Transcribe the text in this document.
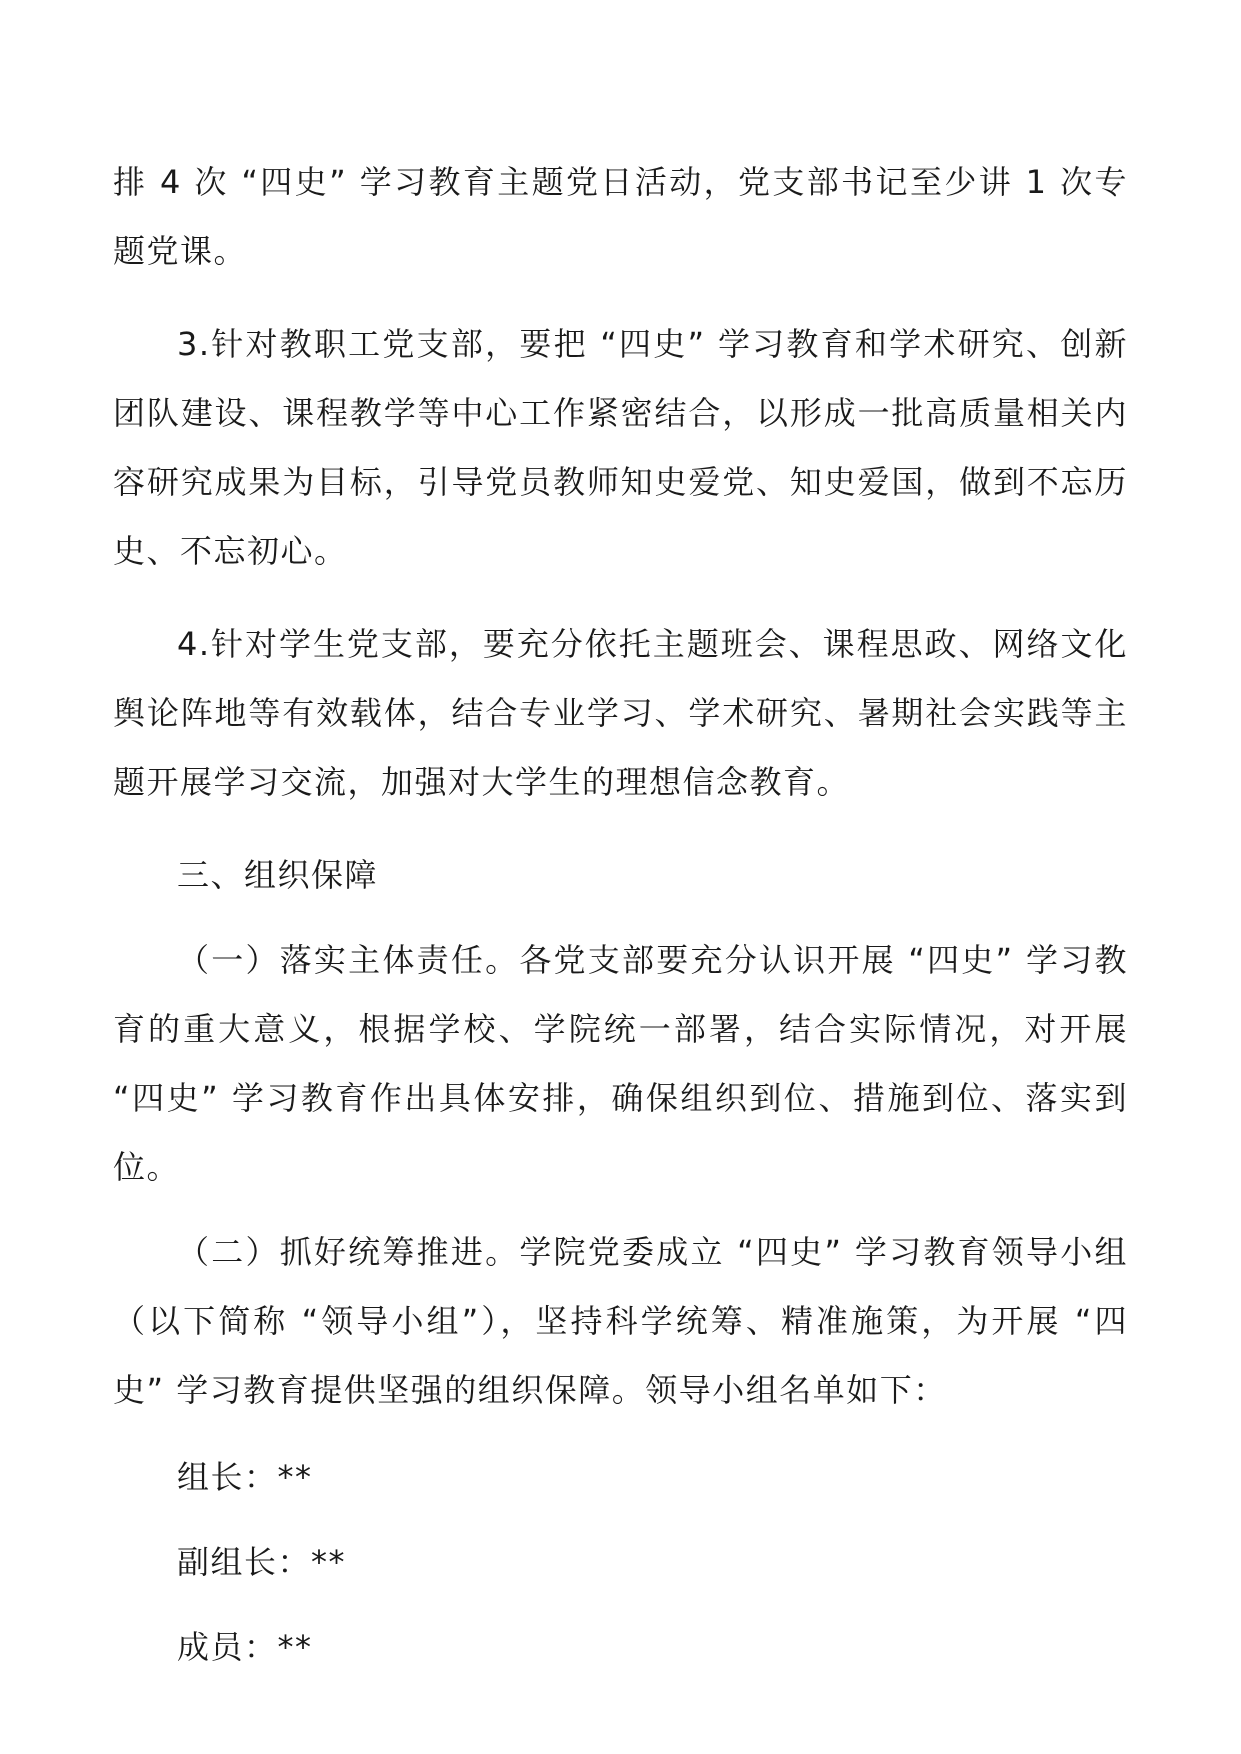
排 4 次 “四史” 学习教育主题党日活动，党支部书记至少讲 1 次专题党课。

3.针对教职工党支部，要把 “四史” 学习教育和学术研究、创新团队建设、课程教学等中心工作紧密结合，以形成一批高质量相关内容研究成果为目标，引导党员教师知史爱党、知史爱国，做到不忘历史、不忘初心。

4.针对学生党支部，要充分依托主题班会、课程思政、网络文化舆论阵地等有效载体，结合专业学习、学术研究、暑期社会实践等主题开展学习交流，加强对大学生的理想信念教育。

三、组织保障

（一）落实主体责任。各党支部要充分认识开展 “四史” 学习教育的重大意义，根据学校、学院统一部署，结合实际情况，对开展 “四史” 学习教育作出具体安排，确保组织到位、措施到位、落实到位。

（二）抓好统筹推进。学院党委成立 “四史” 学习教育领导小组（以下简称 “领导小组”），坚持科学统筹、精准施策，为开展 “四史” 学习教育提供坚强的组织保障。领导小组名单如下：

组长：**

副组长：**

成员：**
